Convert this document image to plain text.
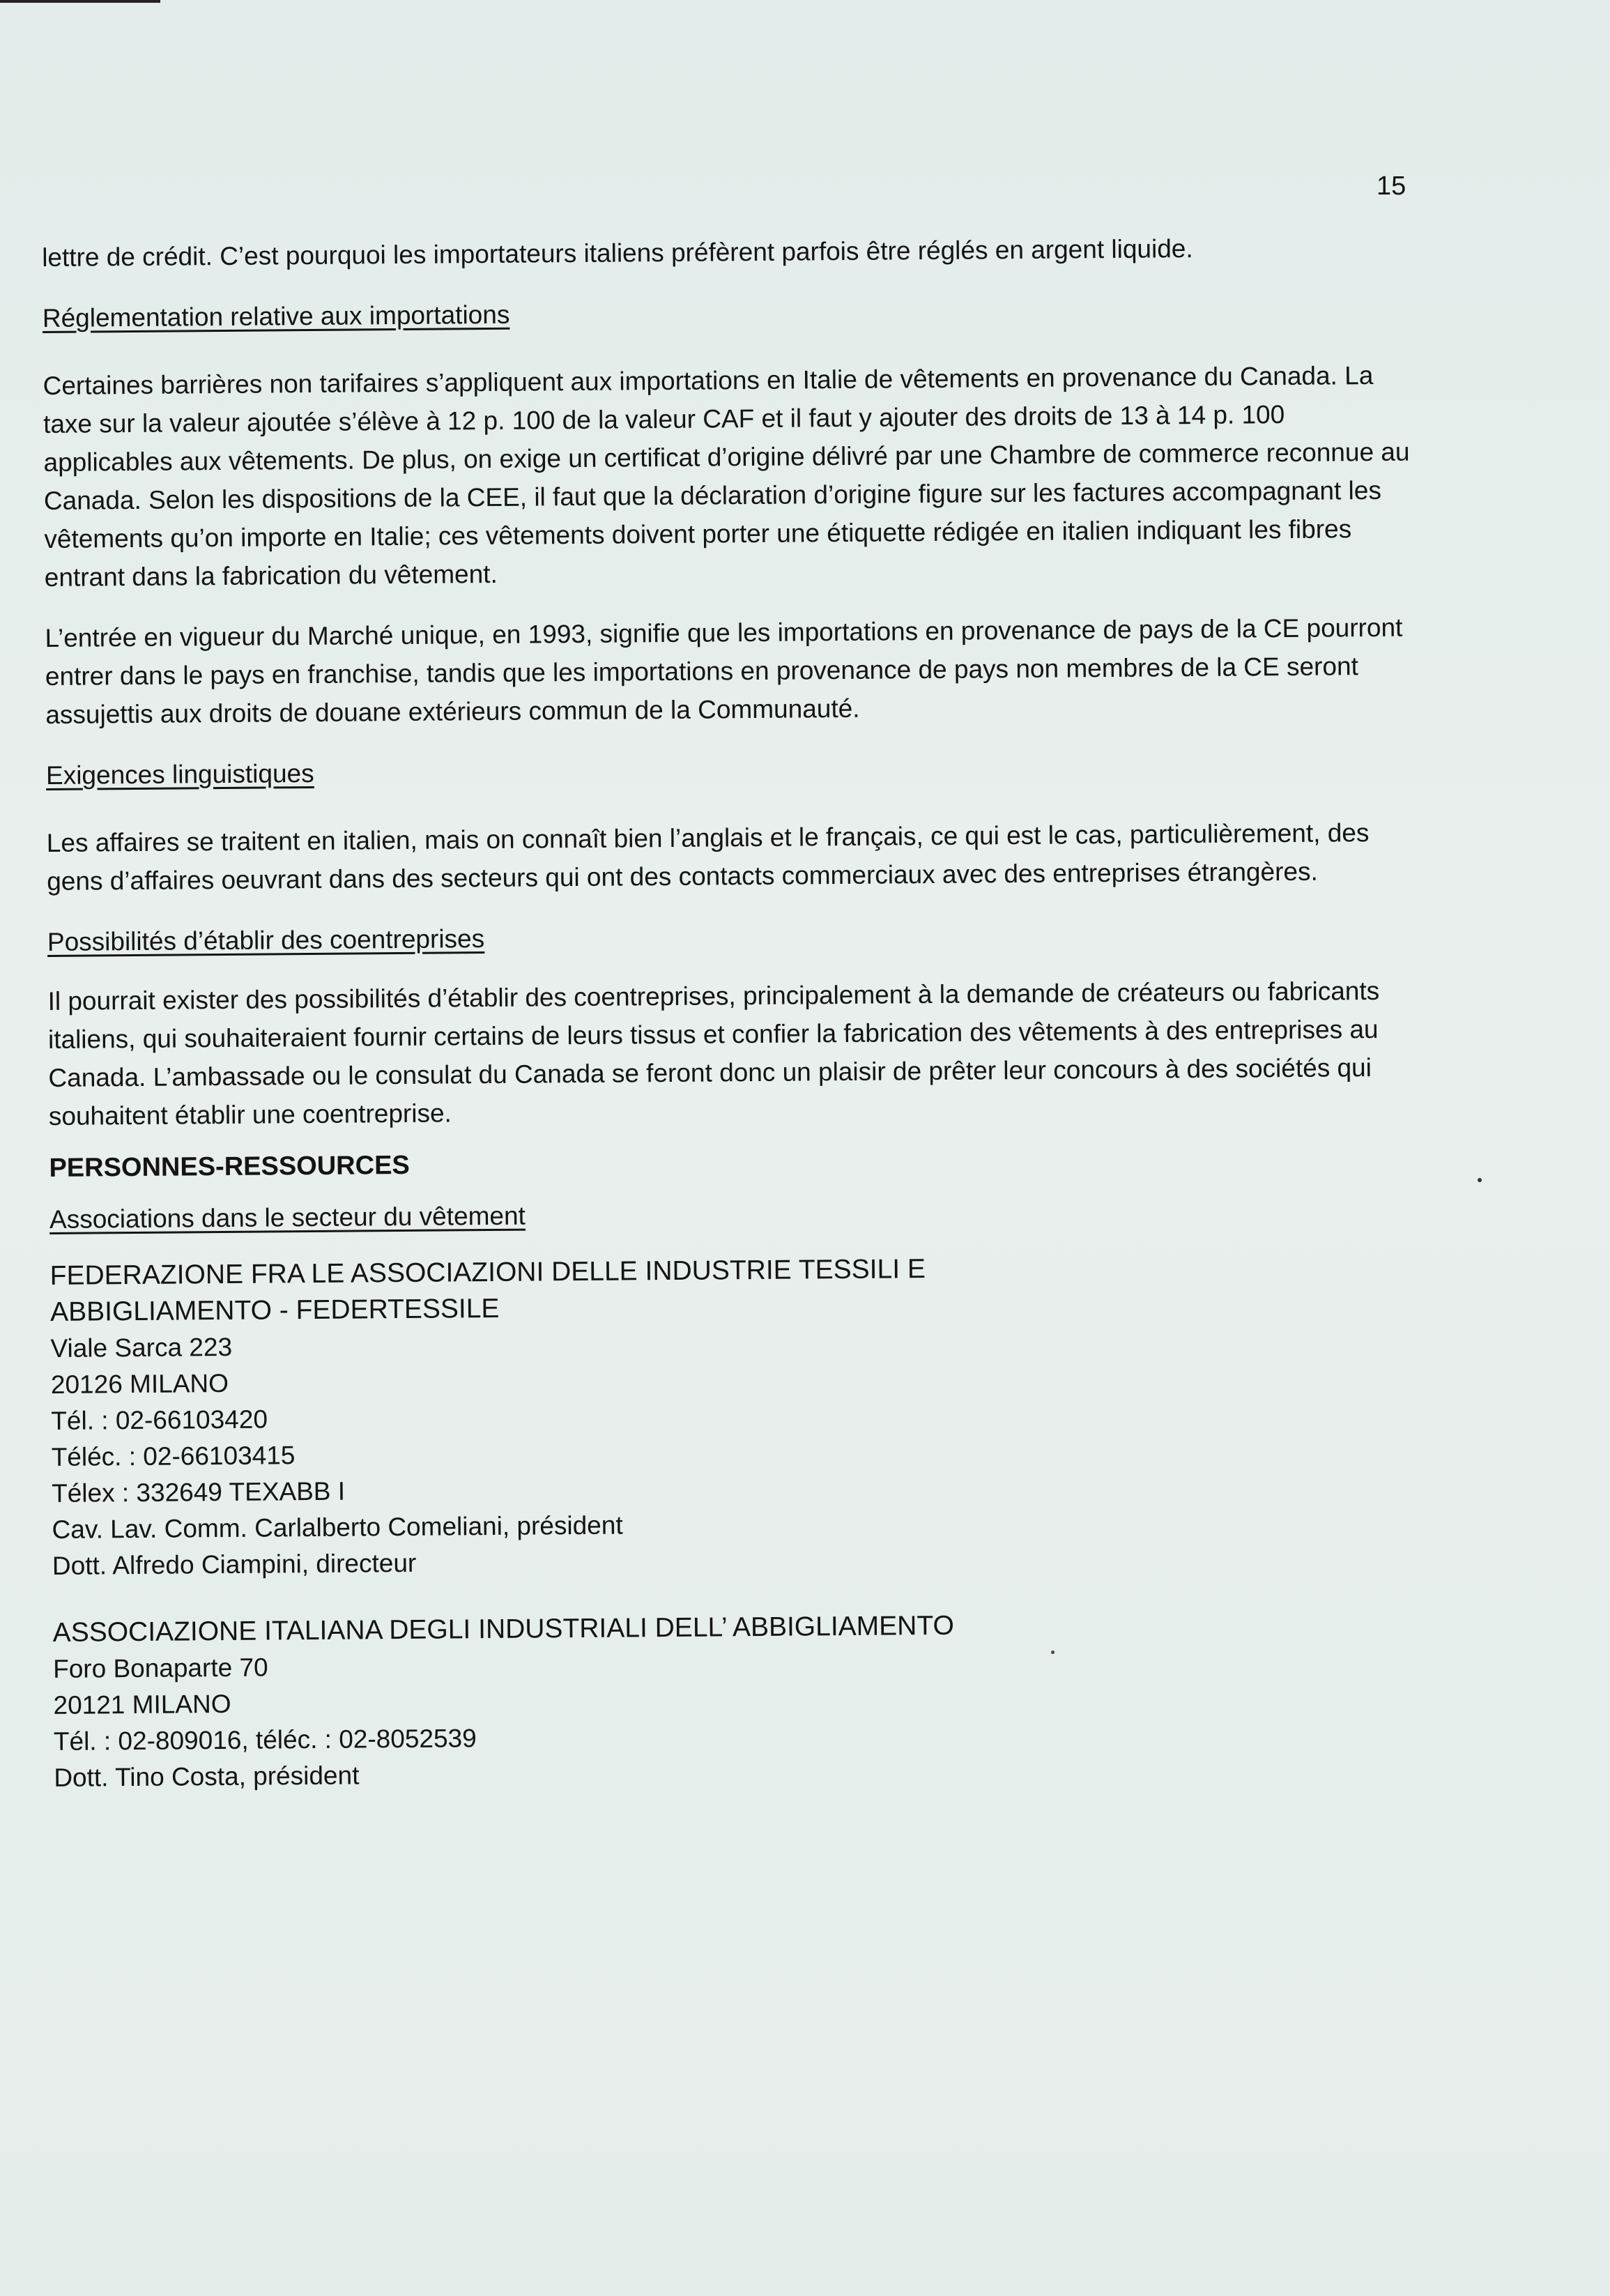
15

lettre de crédit. C’est pourquoi les importateurs italiens préfèrent parfois être réglés en argent liquide.

Réglementation relative aux importations

Certaines barrières non tarifaires s’appliquent aux importations en Italie de vêtements en provenance du Canada. La taxe sur la valeur ajoutée s’élève à 12 p. 100 de la valeur CAF et il faut y ajouter des droits de 13 à 14 p. 100 applicables aux vêtements. De plus, on exige un certificat d’origine délivré par une Chambre de commerce reconnue au Canada. Selon les dispositions de la CEE, il faut que la déclaration d’origine figure sur les factures accompagnant les vêtements qu’on importe en Italie; ces vêtements doivent porter une étiquette rédigée en italien indiquant les fibres entrant dans la fabrication du vêtement.

L’entrée en vigueur du Marché unique, en 1993, signifie que les importations en provenance de pays de la CE pourront entrer dans le pays en franchise, tandis que les importations en provenance de pays non membres de la CE seront assujettis aux droits de douane extérieurs commun de la Communauté.

Exigences linguistiques

Les affaires se traitent en italien, mais on connaît bien l’anglais et le français, ce qui est le cas, particulièrement, des gens d’affaires oeuvrant dans des secteurs qui ont des contacts commerciaux avec des entreprises étrangères.

Possibilités d’établir des coentreprises

Il pourrait exister des possibilités d’établir des coentreprises, principalement à la demande de créateurs ou fabricants italiens, qui souhaiteraient fournir certains de leurs tissus et confier la fabrication des vêtements à des entreprises au Canada. L’ambassade ou le consulat du Canada se feront donc un plaisir de prêter leur concours à des sociétés qui souhaitent établir une coentreprise.

PERSONNES-RESSOURCES
Associations dans le secteur du vêtement
FEDERAZIONE FRA LE ASSOCIAZIONI DELLE INDUSTRIE TESSILI E
ABBIGLIAMENTO - FEDERTESSILE
Viale Sarca 223
20126 MILANO
Tél. : 02-66103420
Téléc. : 02-66103415
Télex : 332649 TEXABB I
Cav. Lav. Comm. Carlalberto Comeliani, président
Dott. Alfredo Ciampini, directeur
ASSOCIAZIONE ITALIANA DEGLI INDUSTRIALI DELL’ ABBIGLIAMENTO
Foro Bonaparte 70
20121 MILANO
Tél. : 02-809016, téléc. : 02-8052539
Dott. Tino Costa, président
